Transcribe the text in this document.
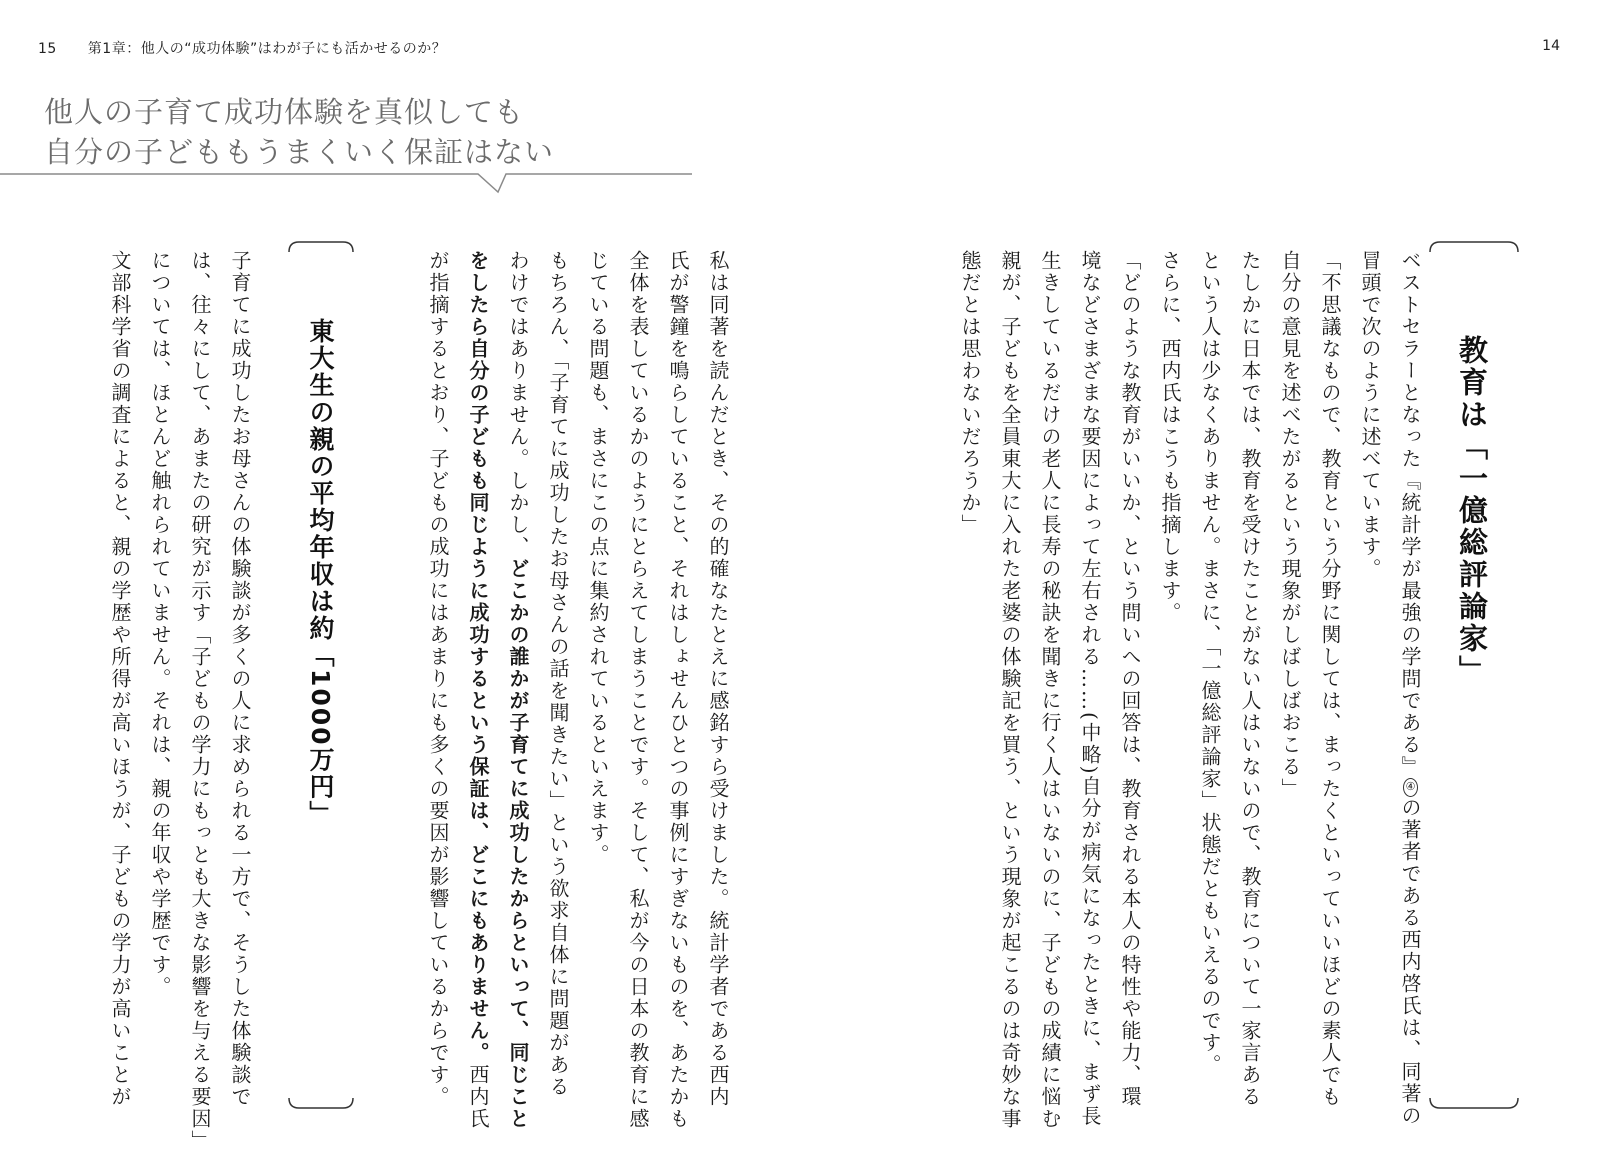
15 第1章：他人の“成功体験”はわが子にも活かせるのか？	14
他人の子育て成功体験を真似しても
自分の子どももうまくいく保証はない
教育は「一億総評論家」

ベストセラーとなった『統計学が最強の学問である』④の著者である西内啓氏は、同著の

冒頭で次のように述べています。

「不思議なもので、教育という分野に関しては、まったくといっていいほどの素人でも

自分の意見を述べたがるという現象がしばしばおこる」

たしかに日本では、教育を受けたことがない人はいないので、教育について一家言ある

という人は少なくありません。まさに、「一億総評論家」状態だともいえるのです。

さらに、西内氏はこうも指摘します。

「どのような教育がいいか、という問いへの回答は、教育される本人の特性や能力、環

境などさまざまな要因によって左右される……(中略)自分が病気になったときに、まず長

生きしているだけの老人に長寿の秘訣を聞きに行く人はいないのに、子どもの成績に悩む

親が、子どもを全員東大に入れた老婆の体験記を買う、という現象が起こるのは奇妙な事

態だとは思わないだろうか」

私は同著を読んだとき、その的確なたとえに感銘すら受けました。統計学者である西内

氏が警鐘を鳴らしていること、それはしょせんひとつの事例にすぎないものを、あたかも

全体を表しているかのようにとらえてしまうことです。そして、私が今の日本の教育に感

じている問題も、まさにこの点に集約されているといえます。

もちろん、「子育てに成功したお母さんの話を聞きたい」という欲求自体に問題がある

わけではありません。しかし、どこかの誰かが子育てに成功したからといって、同じこと

をしたら自分の子どもも同じように成功するという保証は、どこにもありません。西内氏

が指摘するとおり、子どもの成功にはあまりにも多くの要因が影響しているからです。

東大生の親の平均年収は約「1000万円」

子育てに成功したお母さんの体験談が多くの人に求められる一方で、そうした体験談で

は、往々にして、あまたの研究が示す「子どもの学力にもっとも大きな影響を与える要因」

については、ほとんど触れられていません。それは、親の年収や学歴です。

文部科学省の調査によると、親の学歴や所得が高いほうが、子どもの学力が高いことが
